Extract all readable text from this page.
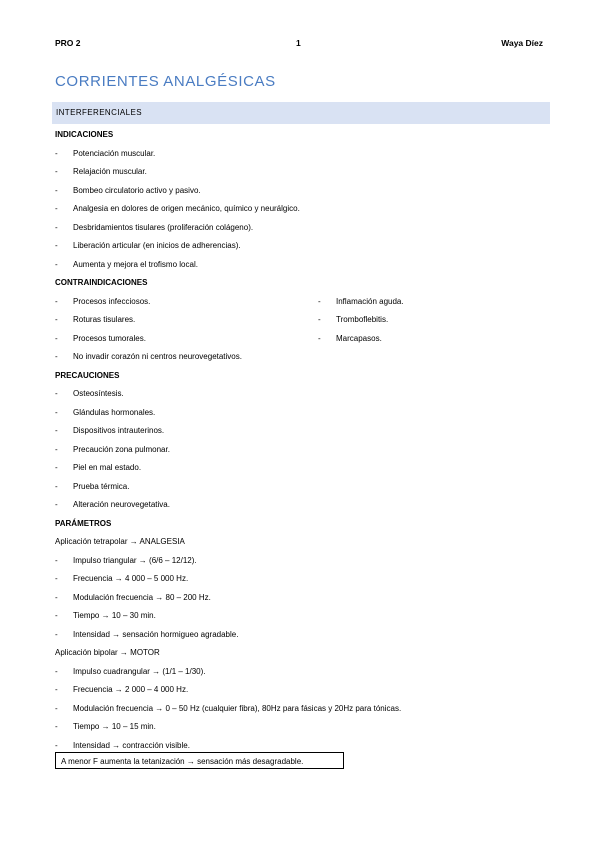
PRO 2	1	Waya Díez
CORRIENTES ANALGÉSICAS
INTERFERENCIALES
INDICACIONES
- Potenciación muscular.
- Relajación muscular.
- Bombeo circulatorio activo y pasivo.
- Analgesia en dolores de origen mecánico, químico y neurálgico.
- Desbridamientos tisulares (proliferación colágeno).
- Liberación articular (en inicios de adherencias).
- Aumenta y mejora el trofismo local.
CONTRAINDICACIONES
- Procesos infecciosos.	- Inflamación aguda.
- Roturas tisulares.	- Tromboflebitis.
- Procesos tumorales.	- Marcapasos.
- No invadir corazón ni centros neurovegetativos.
PRECAUCIONES
- Osteosíntesis.
- Glándulas hormonales.
- Dispositivos intrauterinos.
- Precaución zona pulmonar.
- Piel en mal estado.
- Prueba térmica.
- Alteración neurovegetativa.
PARÁMETROS
Aplicación tetrapolar → ANALGESIA
- Impulso triangular → (6/6 – 12/12).
- Frecuencia → 4 000 – 5 000 Hz.
- Modulación frecuencia → 80 – 200 Hz.
- Tiempo → 10 – 30 min.
- Intensidad → sensación hormigueo agradable.
Aplicación bipolar → MOTOR
- Impulso cuadrangular → (1/1 – 1/30).
- Frecuencia → 2 000 – 4 000 Hz.
- Modulación frecuencia → 0 – 50 Hz (cualquier fibra), 80Hz para fásicas y 20Hz para tónicas.
- Tiempo → 10 – 15 min.
- Intensidad → contracción visible.
A menor F aumenta la tetanización → sensación más desagradable.
